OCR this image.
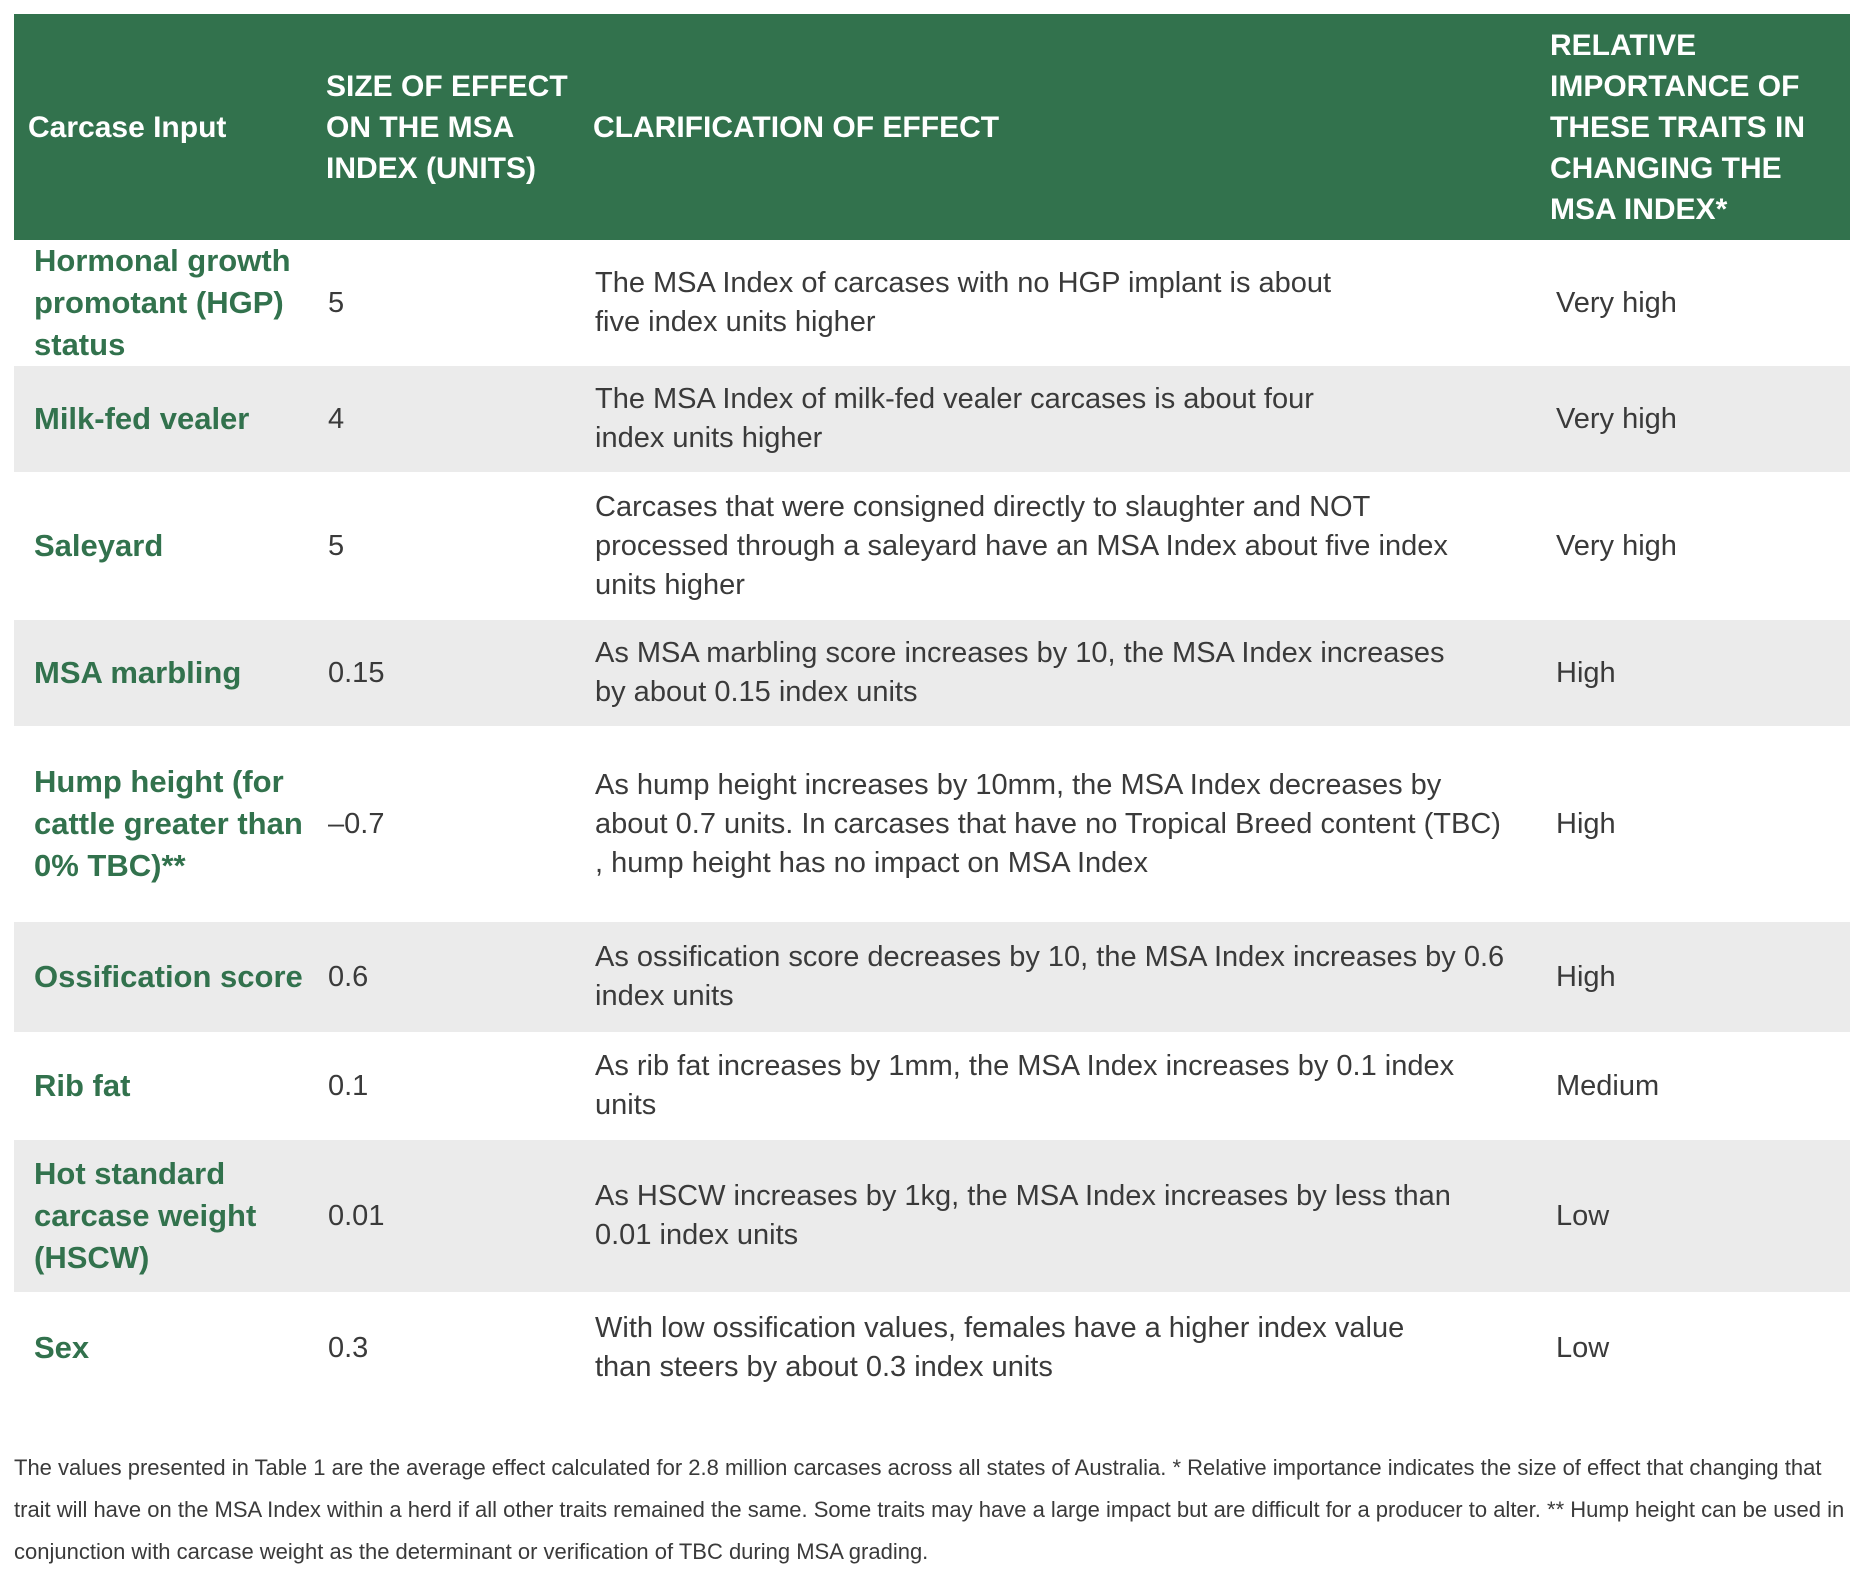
Carcase Input	SIZE OF EFFECT ON THE MSA INDEX (UNITS)	CLARIFICATION OF EFFECT	RELATIVE IMPORTANCE OF THESE TRAITS IN CHANGING THE MSA INDEX*
Hormonal growth promotant (HGP) status	5	The MSA Index of carcases with no HGP implant is about five index units higher	Very high
Milk-fed vealer	4	The MSA Index of milk-fed vealer carcases is about four index units higher	Very high
Saleyard	5	Carcases that were consigned directly to slaughter and NOT processed through a saleyard have an MSA Index about five index units higher	Very high
MSA marbling	0.15	As MSA marbling score increases by 10, the MSA Index increases by about 0.15 index units	High
Hump height (for cattle greater than 0% TBC)**	–0.7	As hump height increases by 10mm, the MSA Index decreases by about 0.7 units. In carcases that have no Tropical Breed content (TBC) , hump height has no impact on MSA Index	High
Ossification score	0.6	As ossification score decreases by 10, the MSA Index increases by 0.6 index units	High
Rib fat	0.1	As rib fat increases by 1mm, the MSA Index increases by 0.1 index units	Medium
Hot standard carcase weight (HSCW)	0.01	As HSCW increases by 1kg, the MSA Index increases by less than 0.01 index units	Low
Sex	0.3	With low ossification values, females have a higher index value than steers by about 0.3 index units	Low
The values presented in Table 1 are the average effect calculated for 2.8 million carcases across all states of Australia. * Relative importance indicates the size of effect that changing that trait will have on the MSA Index within a herd if all other traits remained the same. Some traits may have a large impact but are difficult for a producer to alter. ** Hump height can be used in conjunction with carcase weight as the determinant or verification of TBC during MSA grading.
